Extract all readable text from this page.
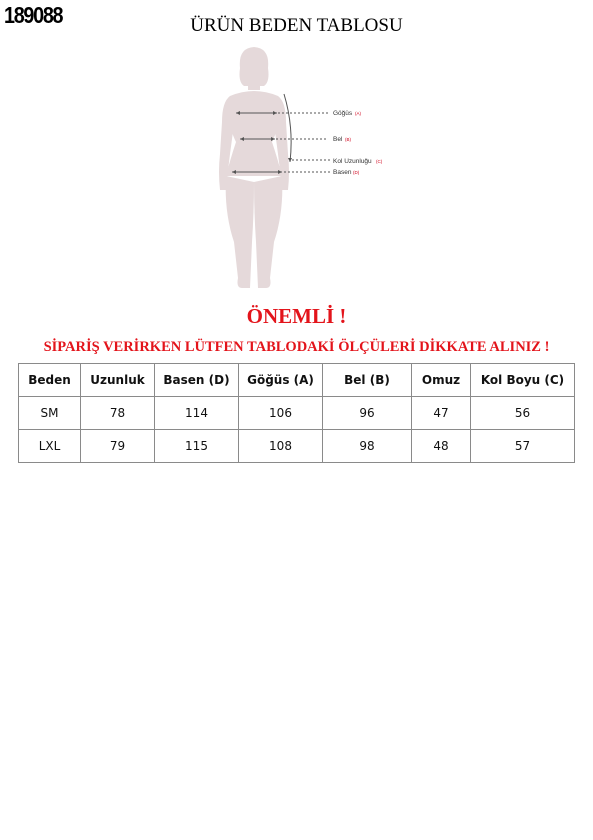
189088	ÜRÜN BEDEN TABLOSU
Göğüs (A)
Bel (B)
Kol Uzunluğu (C)
Basen (D)
ÖNEMLİ !
SİPARİŞ VERİRKEN LÜTFEN TABLODAKİ ÖLÇÜLERİ DİKKATE ALINIZ !
Beden	Uzunluk	Basen (D)	Göğüs (A)	Bel (B)	Omuz	Kol Boyu (C)
SM	78	114	106	96	47	56
LXL	79	115	108	98	48	57
